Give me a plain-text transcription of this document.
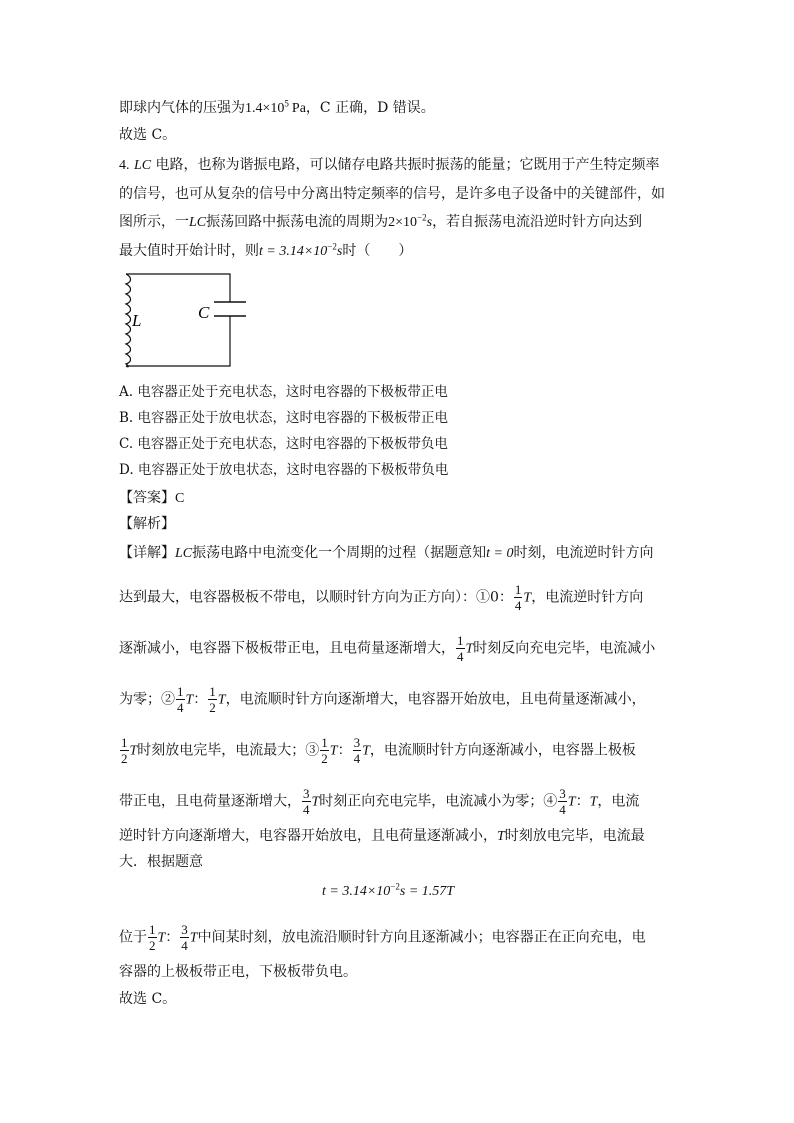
即球内气体的压强为$1.4\times 10^5$ Pa，C 正确，D 错误。
故选 C。
4. LC 电路，也称为谐振电路，可以储存电路共振时振荡的能量；它既用于产生特定频率
的信号，也可从复杂的信号中分离出特定频率的信号，是许多电子设备中的关键部件，如
图所示，一LC振荡回路中振荡电流的周期为$2\times 10^{-2}s$，若自振荡电流沿逆时针方向达到
最大值时开始计时，则$t = 3.14\times 10^{-2}s$时（　　）
L	C
A. 电容器正处于充电状态，这时电容器的下极板带正电
B. 电容器正处于放电状态，这时电容器的下极板带正电
C. 电容器正处于充电状态，这时电容器的下极板带负电
D. 电容器正处于放电状态，这时电容器的下极板带负电
【答案】C
【解析】
【详解】LC振荡电路中电流变化一个周期的过程（据题意知t = 0时刻，电流逆时针方向
达到最大，电容器极板不带电，以顺时针方向为正方向）：①0： $\frac{1}{4}$ T，电流逆时针方向
逐渐减小，电容器下极板带正电，且电荷量逐渐增大， $\frac{1}{4}$ T时刻反向充电完毕，电流减小
为零；② $\frac{1}{4}$ T： $\frac{1}{2}$ T，电流顺时针方向逐渐增大，电容器开始放电，且电荷量逐渐减小，
$\frac{1}{2}$ T时刻放电完毕，电流最大；③ $\frac{1}{2}$ T： $\frac{3}{4}$ T，电流顺时针方向逐渐减小，电容器上极板
带正电，且电荷量逐渐增大， $\frac{3}{4}$ T时刻正向充电完毕，电流减小为零；④ $\frac{3}{4}$ T：T，电流
逆时针方向逐渐增大，电容器开始放电，且电荷量逐渐减小，T时刻放电完毕，电流最
大．根据题意
$t = 3.14\times 10^{-2}s = 1.57T$
位于 $\frac{1}{2}$ T： $\frac{3}{4}$ T中间某时刻，放电流沿顺时针方向且逐渐减小；电容器正在正向充电，电
容器的上极板带正电，下极板带负电。
故选 C。
